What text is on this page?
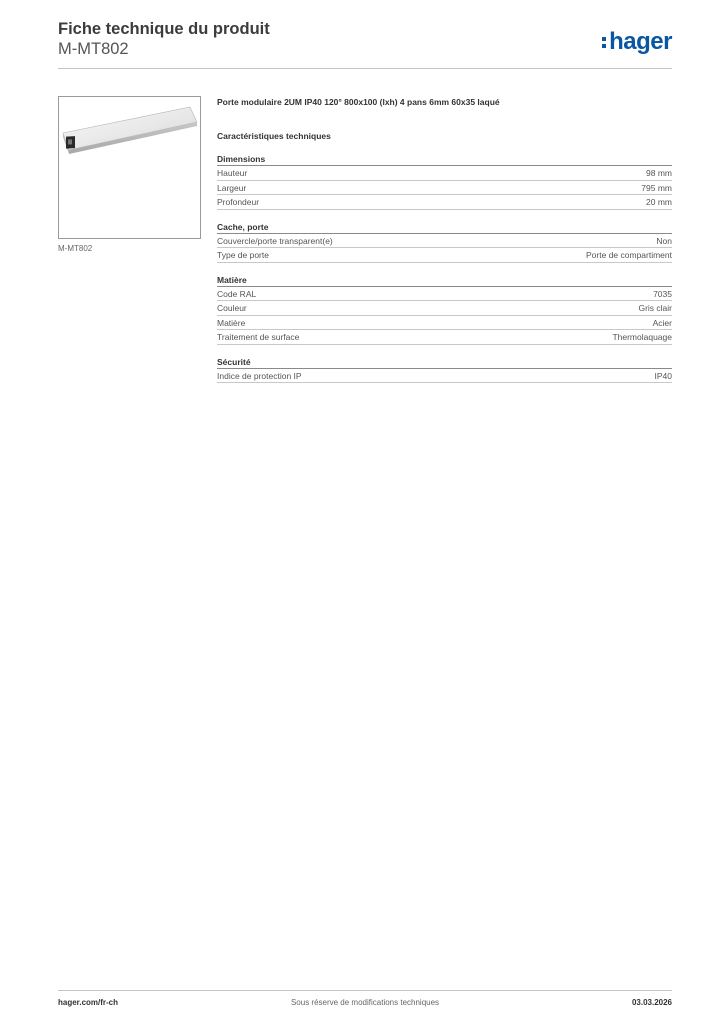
Fiche technique du produit
M-MT802	hager
M-MT802
Porte modulaire 2UM IP40 120° 800x100 (lxh) 4 pans 6mm 60x35 laqué
Caractéristiques techniques
Dimensions
Hauteur	98 mm
Largeur	795 mm
Profondeur	20 mm
Cache, porte
Couvercle/porte transparent(e)	Non
Type de porte	Porte de compartiment
Matière
Code RAL	7035
Couleur	Gris clair
Matière	Acier
Traitement de surface	Thermolaquage
Sécurité
Indice de protection IP	IP40
hager.com/fr-ch	Sous réserve de modifications techniques	03.03.2026
